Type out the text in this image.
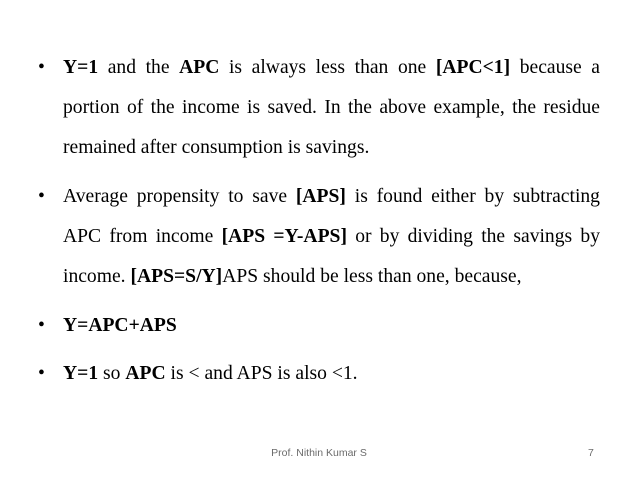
• Y=1 and the APC is always less than one [APC<1] because a portion of the income is saved. In the above example, the residue remained after consumption is savings.
• Average propensity to save [APS] is found either by subtracting APC from income [APS =Y-APS] or by dividing the savings by income. [APS=S/Y]APS should be less than one, because,
• Y=APC+APS
• Y=1 so APC is < and APS is also <1.
Prof. Nithin Kumar S	7
